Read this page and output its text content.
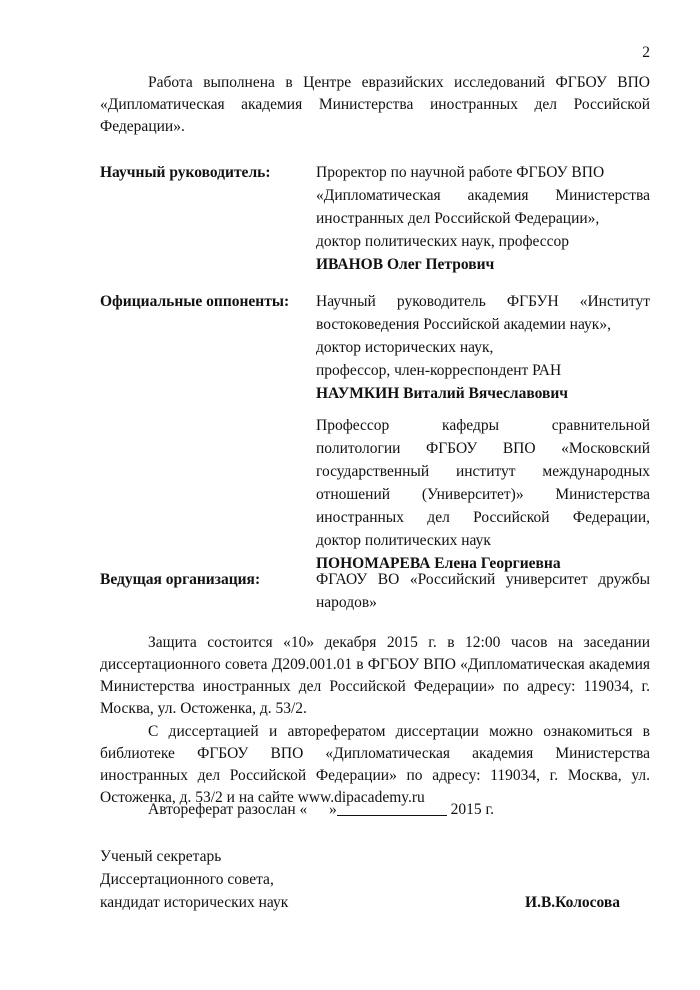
2

Работа выполнена в Центре евразийских исследований ФГБОУ ВПО «Дипломатическая академия Министерства иностранных дел Российской Федерации».

Научный руководитель:	Проректор по научной работе ФГБОУ ВПО
«Дипломатическая академия Министерства
иностранных дел Российской Федерации»,
доктор политических наук, профессор
ИВАНОВ Олег Петрович
Официальные оппоненты:	Научный руководитель ФГБУН «Институт
востоковедения Российской академии наук»,
доктор исторических наук,
профессор, член-корреспондент РАН
НАУМКИН Виталий Вячеславович
Профессор кафедры сравнительной
политологии ФГБОУ ВПО «Московский
государственный институт международных
отношений (Университет)» Министерства
иностранных дел Российской Федерации,
доктор политических наук
ПОНОМАРЕВА Елена Георгиевна
Ведущая организация:	ФГАОУ ВО «Российский университет дружбы
народов»

Защита состоится «10» декабря 2015 г. в 12:00 часов на заседании диссертационного совета Д209.001.01 в ФГБОУ ВПО «Дипломатическая академия Министерства иностранных дел Российской Федерации» по адресу: 119034, г. Москва, ул. Остоженка, д. 53/2.

С диссертацией и авторефератом диссертации можно ознакомиться в библиотеке ФГБОУ ВПО «Дипломатическая академия Министерства иностранных дел Российской Федерации» по адресу: 119034, г. Москва, ул. Остоженка, д. 53/2 и на сайте www.dipacademy.ru

Автореферат разослан « »	2015 г.
Ученый секретарь
Диссертационного совета,
кандидат исторических наук	И.В.Колосова
